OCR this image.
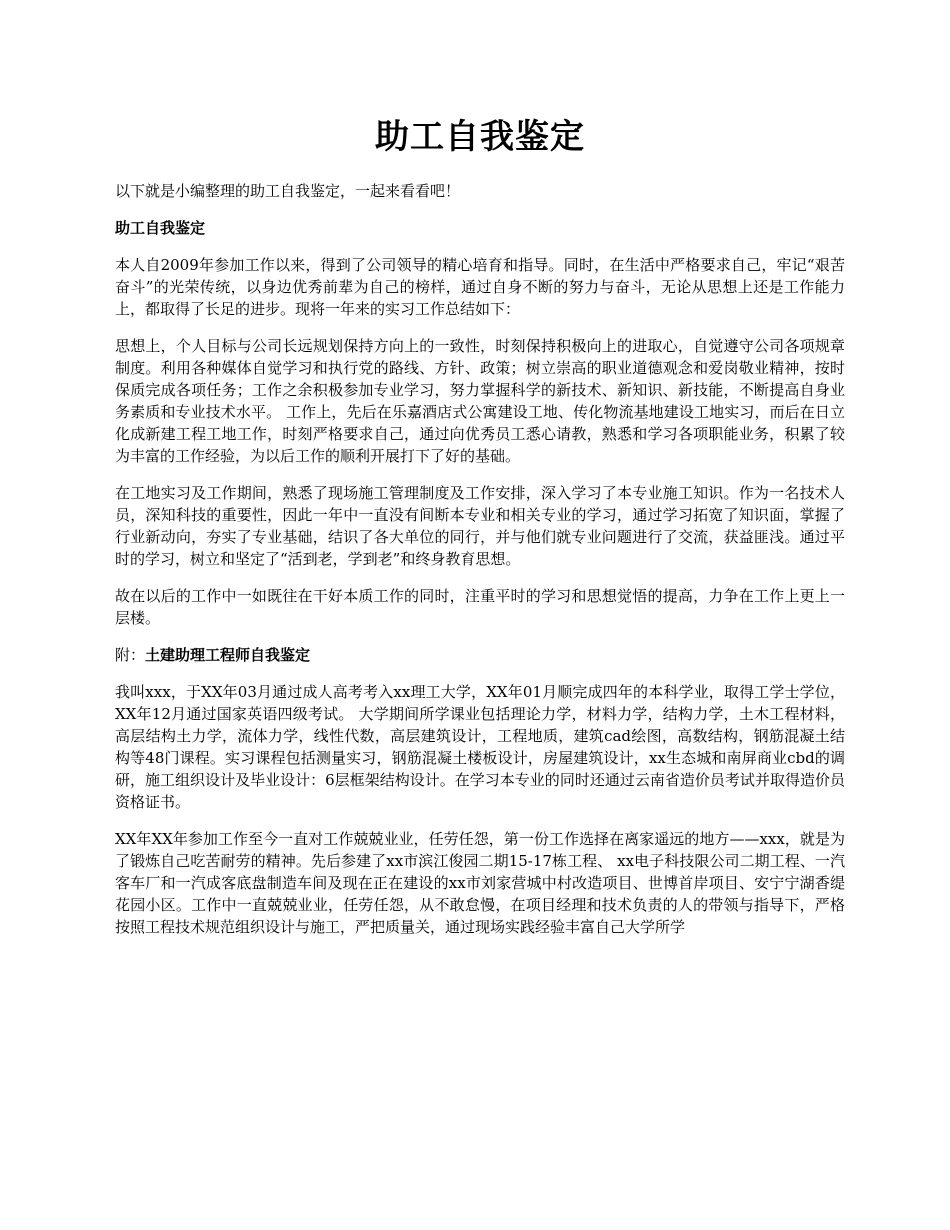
助工自我鉴定

以下就是小编整理的助工自我鉴定，一起来看看吧！

助工自我鉴定

本人自2009年参加工作以来，得到了公司领导的精心培育和指导。同时，在生活中严格要求自己，牢记“艰苦奋斗”的光荣传统，以身边优秀前辈为自己的榜样，通过自身不断的努力与奋斗，无论从思想上还是工作能力上，都取得了长足的进步。现将一年来的实习工作总结如下：

思想上，个人目标与公司长远规划保持方向上的一致性，时刻保持积极向上的进取心，自觉遵守公司各项规章制度。利用各种媒体自觉学习和执行党的路线、方针、政策；树立崇高的职业道德观念和爱岗敬业精神，按时保质完成各项任务；工作之余积极参加专业学习，努力掌握科学的新技术、新知识、新技能，不断提高自身业务素质和专业技术水平。 工作上，先后在乐嘉酒店式公寓建设工地、传化物流基地建设工地实习，而后在日立化成新建工程工地工作，时刻严格要求自己，通过向优秀员工悉心请教，熟悉和学习各项职能业务，积累了较为丰富的工作经验，为以后工作的顺利开展打下了好的基础。

在工地实习及工作期间，熟悉了现场施工管理制度及工作安排，深入学习了本专业施工知识。作为一名技术人员，深知科技的重要性，因此一年中一直没有间断本专业和相关专业的学习，通过学习拓宽了知识面，掌握了行业新动向，夯实了专业基础，结识了各大单位的同行，并与他们就专业问题进行了交流，获益匪浅。通过平时的学习，树立和坚定了“活到老，学到老”和终身教育思想。

故在以后的工作中一如既往在干好本质工作的同时，注重平时的学习和思想觉悟的提高，力争在工作上更上一层楼。

附：土建助理工程师自我鉴定

我叫xxx，于XX年03月通过成人高考考入xx理工大学，XX年01月顺完成四年的本科学业，取得工学士学位，XX年12月通过国家英语四级考试。 大学期间所学课业包括理论力学，材料力学，结构力学，土木工程材料，高层结构土力学，流体力学，线性代数，高层建筑设计，工程地质，建筑cad绘图，高数结构，钢筋混凝土结构等48门课程。实习课程包括测量实习，钢筋混凝土楼板设计，房屋建筑设计，xx生态城和南屏商业cbd的调研，施工组织设计及毕业设计：6层框架结构设计。在学习本专业的同时还通过云南省造价员考试并取得造价员资格证书。

XX年XX年参加工作至今一直对工作兢兢业业，任劳任怨，第一份工作选择在离家遥远的地方——xxx，就是为了锻炼自己吃苦耐劳的精神。先后参建了xx市滨江俊园二期15-17栋工程、 xx电子科技限公司二期工程、一汽客车厂和一汽成客底盘制造车间及现在正在建设的xx市刘家营城中村改造项目、世博首岸项目、安宁宁湖香缇花园小区。工作中一直兢兢业业，任劳任怨，从不敢怠慢，在项目经理和技术负责的人的带领与指导下，严格按照工程技术规范组织设计与施工，严把质量关，通过现场实践经验丰富自己大学所学
